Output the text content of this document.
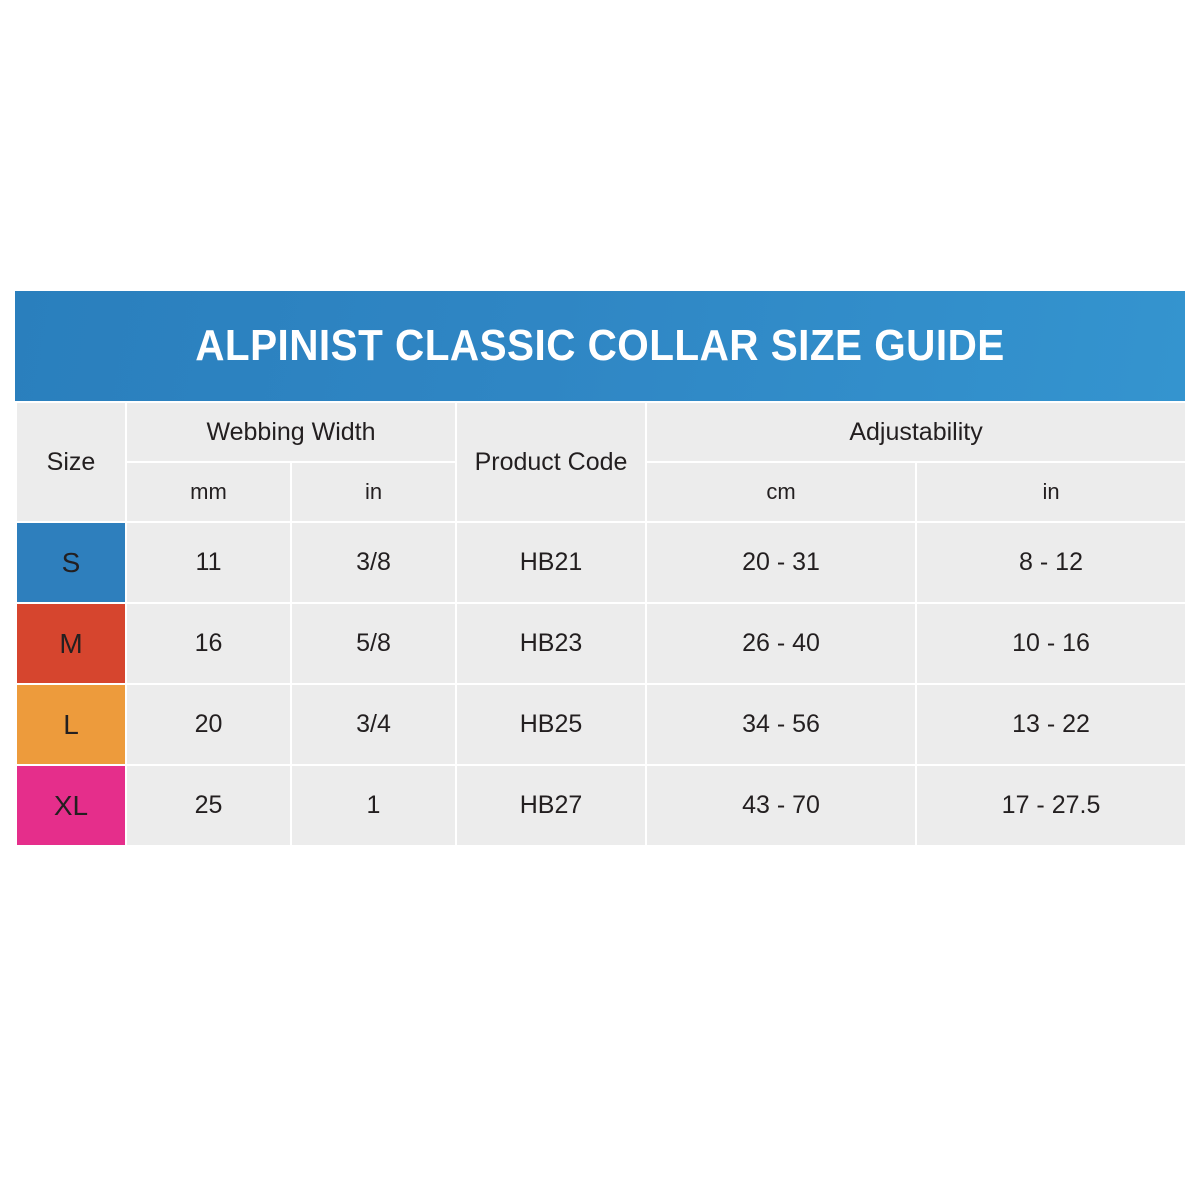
ALPINIST CLASSIC COLLAR SIZE GUIDE
Size	Webbing Width		Product Code	Adjustability	
	mm	in		cm	in
S	11	3/8	HB21	20 - 31	8 - 12
M	16	5/8	HB23	26 - 40	10 - 16
L	20	3/4	HB25	34 - 56	13 - 22
XL	25	1	HB27	43 - 70	17 - 27.5
